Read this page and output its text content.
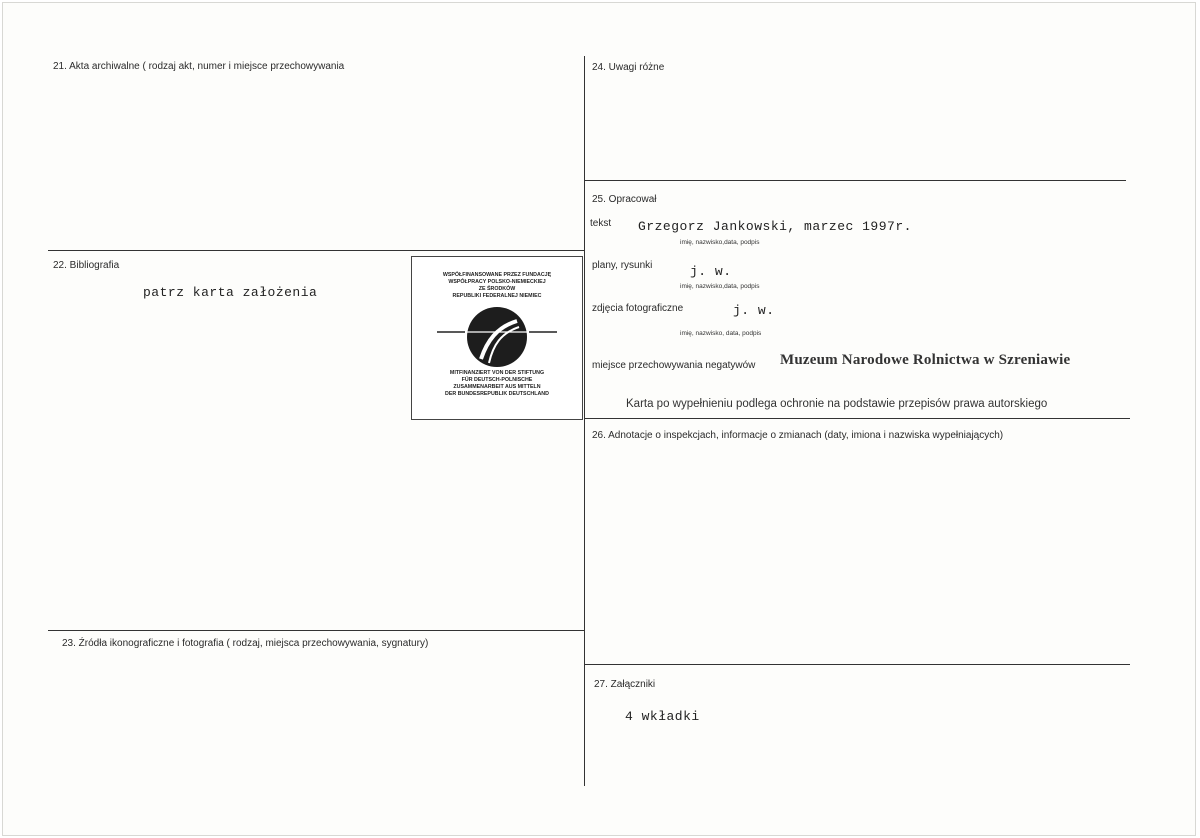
21. Akta archiwalne ( rodzaj akt, numer i miejsce przechowywania
22. Bibliografia
patrz karta założenia
23. Źródła ikonograficzne i fotografia ( rodzaj, miejsca przechowywania, sygnatury)
WSPÓŁFINANSOWANE PRZEZ FUNDACJĘ
WSPÓŁPRACY POLSKO-NIEMIECKIEJ
ZE ŚRODKÓW
REPUBLIKI FEDERALNEJ NIEMIEC
MITFINANZIERT VON DER STIFTUNG
FÜR DEUTSCH-POLNISCHE
ZUSAMMENARBEIT AUS MITTELN
DER BUNDESREPUBLIK DEUTSCHLAND
24. Uwagi różne
25. Opracował
tekst Grzegorz Jankowski, marzec 1997r.
imię, nazwisko,data, podpis
plany, rysunki	j. w.
imię, nazwisko,data, podpis
zdjęcia fotograficzne	j. w.
imię, nazwisko, data, podpis
miejsce przechowywania negatywów Muzeum Narodowe Rolnictwa w Szreniawie
Karta po wypełnieniu podlega ochronie na podstawie przepisów prawa autorskiego
26. Adnotacje o inspekcjach, informacje o zmianach (daty, imiona i nazwiska wypełniających)
27. Załączniki
4 wkładki
